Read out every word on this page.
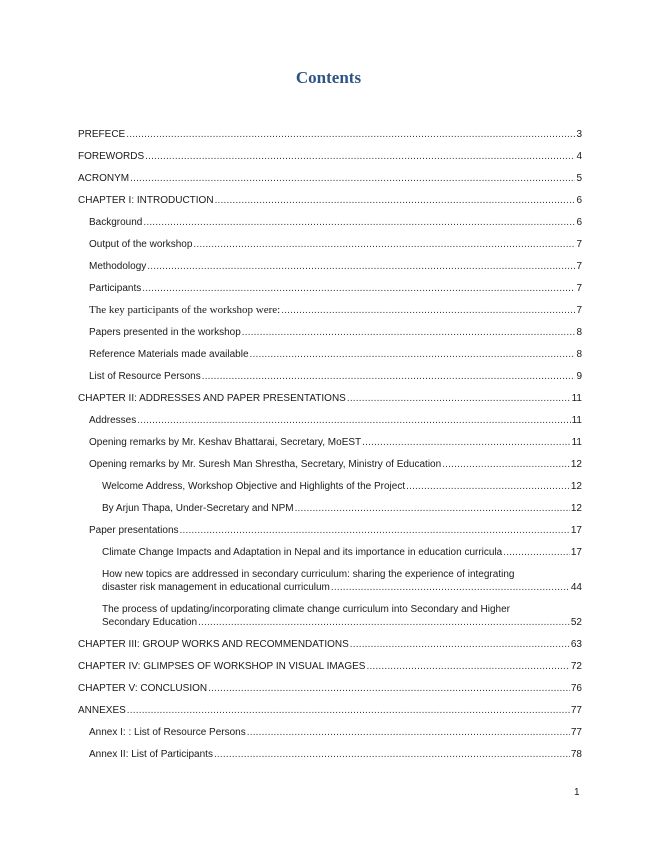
Contents
PREFECE .....	3
FOREWORDS .....	4
ACRONYM .....	5
CHAPTER I: INTRODUCTION .....	6
Background .....	6
Output of the workshop .....	7
Methodology .....	7
Participants .....	7
The key participants of the workshop were: .....	7
Papers presented in the workshop .....	8
Reference Materials made available .....	8
List of Resource Persons .....	9
CHAPTER II: ADDRESSES AND PAPER PRESENTATIONS .....	11
Addresses .....	11
Opening remarks by Mr. Keshav Bhattarai, Secretary, MoEST .....	11
Opening remarks by Mr. Suresh Man Shrestha, Secretary, Ministry of Education .....	12
Welcome Address, Workshop Objective and Highlights of the Project .....	12
By Arjun Thapa, Under-Secretary and NPM .....	12
Paper presentations .....	17
Climate Change Impacts and Adaptation in Nepal and its importance in education curricula .....	17
How new topics are addressed in secondary curriculum: sharing the experience of integrating
disaster risk management in educational curriculum .....	44
The process of updating/incorporating climate change curriculum into Secondary and Higher
Secondary Education .....	52
CHAPTER III: GROUP WORKS AND RECOMMENDATIONS .....	63
CHAPTER IV: GLIMPSES OF WORKSHOP IN VISUAL IMAGES .....	72
CHAPTER V: CONCLUSION .....	76
ANNEXES .....	77
Annex I: : List of Resource Persons .....	77
Annex II: List of Participants .....	78
1
